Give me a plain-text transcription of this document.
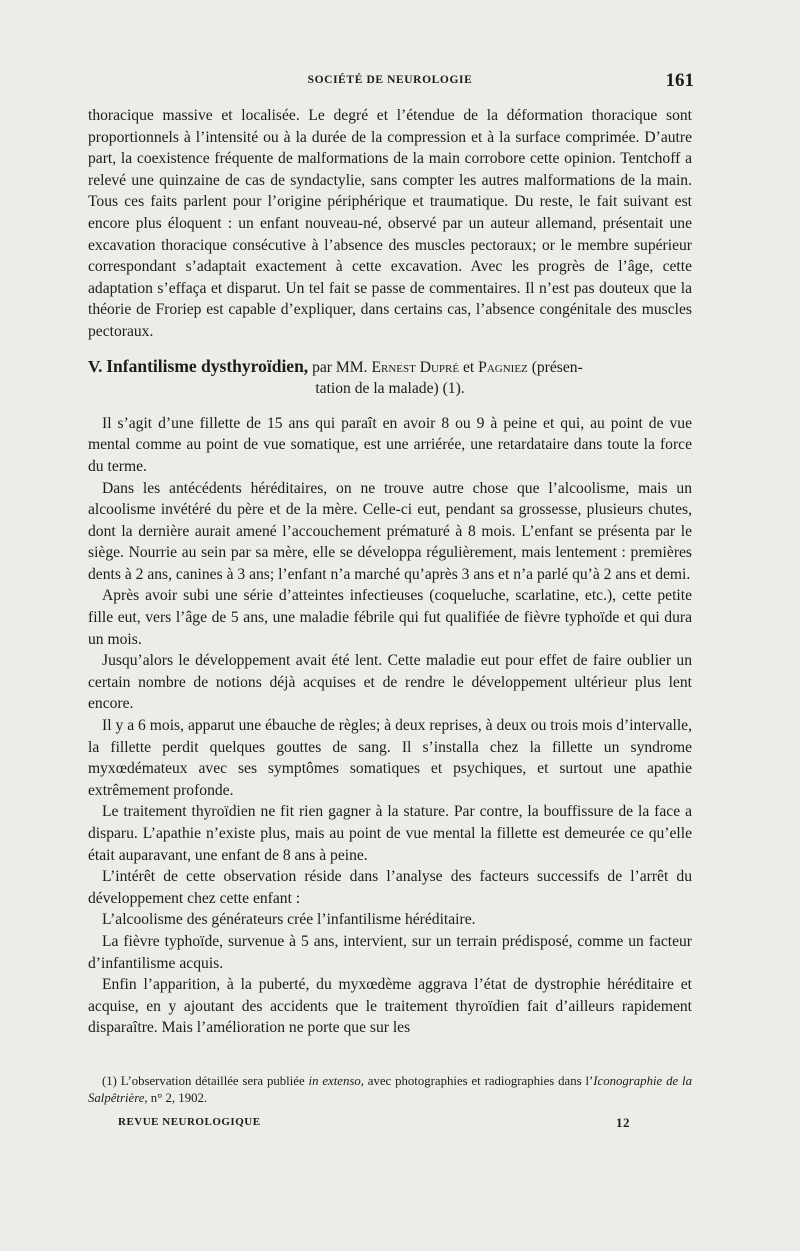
SOCIÉTÉ DE NEUROLOGIE	161

thoracique massive et localisée. Le degré et l’étendue de la déformation thoracique sont proportionnels à l’intensité ou à la durée de la compression et à la surface comprimée. D’autre part, la coexistence fréquente de malformations de la main corrobore cette opinion. Tentchoff a relevé une quinzaine de cas de syndactylie, sans compter les autres malformations de la main. Tous ces faits parlent pour l’origine périphérique et traumatique. Du reste, le fait suivant est encore plus éloquent : un enfant nouveau-né, observé par un auteur allemand, présentait une excavation thoracique consécutive à l’absence des muscles pectoraux; or le membre supérieur correspondant s’adaptait exactement à cette excavation. Avec les progrès de l’âge, cette adaptation s’effaça et disparut. Un tel fait se passe de commentaires. Il n’est pas douteux que la théorie de Froriep est capable d’expliquer, dans certains cas, l’absence congénitale des muscles pectoraux.

V. Infantilisme dysthyroïdien, par MM. Ernest Dupré et Pagniez (présen-
tation de la malade) (1).

Il s’agit d’une fillette de 15 ans qui paraît en avoir 8 ou 9 à peine et qui, au point de vue mental comme au point de vue somatique, est une arriérée, une retardataire dans toute la force du terme.

Dans les antécédents héréditaires, on ne trouve autre chose que l’alcoolisme, mais un alcoolisme invétéré du père et de la mère. Celle-ci eut, pendant sa grossesse, plusieurs chutes, dont la dernière aurait amené l’accouchement prématuré à 8 mois. L’enfant se présenta par le siège. Nourrie au sein par sa mère, elle se développa régulièrement, mais lentement : premières dents à 2 ans, canines à 3 ans; l’enfant n’a marché qu’après 3 ans et n’a parlé qu’à 2 ans et demi.

Après avoir subi une série d’atteintes infectieuses (coqueluche, scarlatine, etc.), cette petite fille eut, vers l’âge de 5 ans, une maladie fébrile qui fut qualifiée de fièvre typhoïde et qui dura un mois.

Jusqu’alors le développement avait été lent. Cette maladie eut pour effet de faire oublier un certain nombre de notions déjà acquises et de rendre le développement ultérieur plus lent encore.

Il y a 6 mois, apparut une ébauche de règles; à deux reprises, à deux ou trois mois d’intervalle, la fillette perdit quelques gouttes de sang. Il s’installa chez la fillette un syndrome myxœdémateux avec ses symptômes somatiques et psychiques, et surtout une apathie extrêmement profonde.

Le traitement thyroïdien ne fit rien gagner à la stature. Par contre, la bouffissure de la face a disparu. L’apathie n’existe plus, mais au point de vue mental la fillette est demeurée ce qu’elle était auparavant, une enfant de 8 ans à peine.

L’intérêt de cette observation réside dans l’analyse des facteurs successifs de l’arrêt du développement chez cette enfant :

L’alcoolisme des générateurs crée l’infantilisme héréditaire.

La fièvre typhoïde, survenue à 5 ans, intervient, sur un terrain prédisposé, comme un facteur d’infantilisme acquis.

Enfin l’apparition, à la puberté, du myxœdème aggrava l’état de dystrophie héréditaire et acquise, en y ajoutant des accidents que le traitement thyroïdien fait d’ailleurs rapidement disparaître. Mais l’amélioration ne porte que sur les

(1) L’observation détaillée sera publiée in extenso, avec photographies et radiographies dans l’Iconographie de la Salpêtrière, n° 2, 1902.

REVUE NEUROLOGIQUE	12
